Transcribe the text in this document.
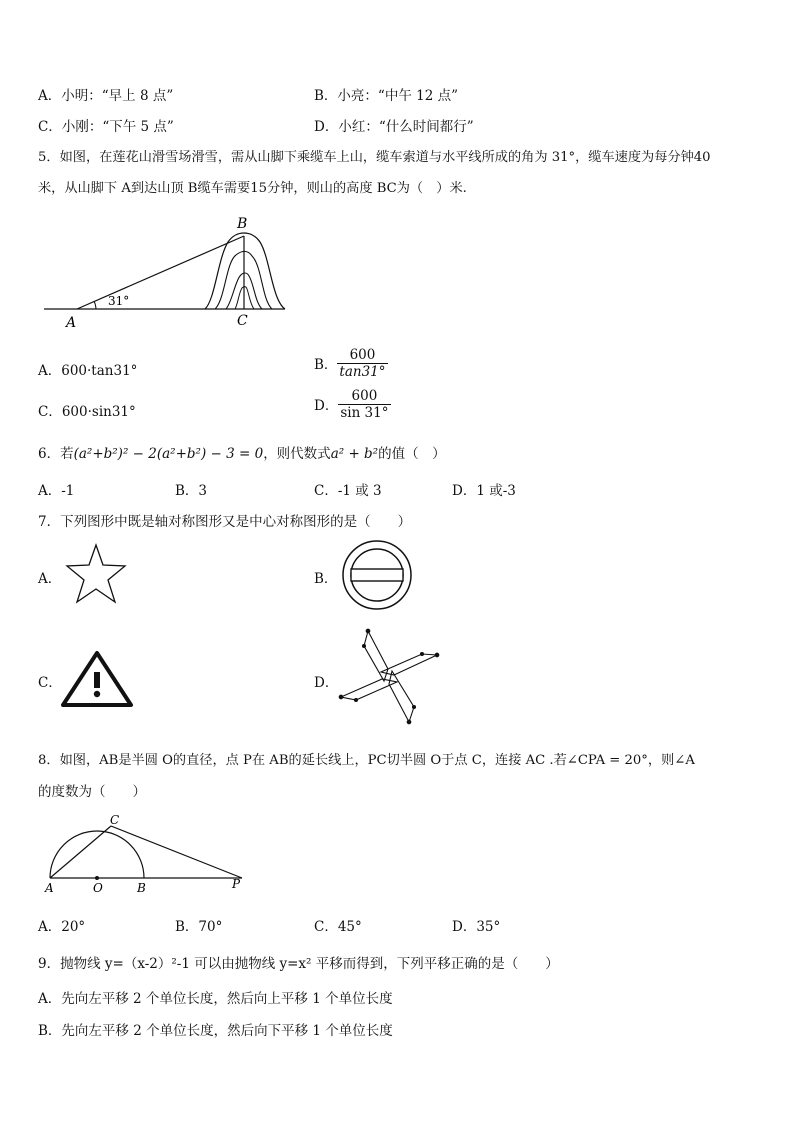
A．小明：“早上 8 点”	B．小亮：“中午 12 点”
C．小刚：“下午 5 点”	D．小红：“什么时间都行”
5．如图，在莲花山滑雪场滑雪，需从山脚下乘缆车上山，缆车索道与水平线所成的角为 31°，缆车速度为每分钟40
米，从山脚下 A到达山顶 B缆车需要15分钟，则山的高度 BC为（　）米.
B
A	C
31°
A．600·tan31°	B． $\frac{600}{\tan 31^\circ}$
C．600·sin31°	D． $\frac{600}{\sin 31^\circ}$
6．若(a²+b²)² − 2(a²+b²) − 3 = 0，则代数式a² + b²的值（　）
A．-1	B．3	C．-1 或 3	D．1 或-3
7．下列图形中既是轴对称图形又是中心对称图形的是（　　）
A．	B．
C．	D．
8．如图，AB是半圆 O的直径，点 P在 AB的延长线上，PC切半圆 O于点 C，连接 AC .若∠CPA = 20°，则∠A
的度数为（　　）
C
A	O	B	P
A．20°	B．70°	C．45°	D．35°
9．抛物线 y=（x-2）²-1 可以由抛物线 y=x² 平移而得到，下列平移正确的是（　　）
A．先向左平移 2 个单位长度，然后向上平移 1 个单位长度
B．先向左平移 2 个单位长度，然后向下平移 1 个单位长度
